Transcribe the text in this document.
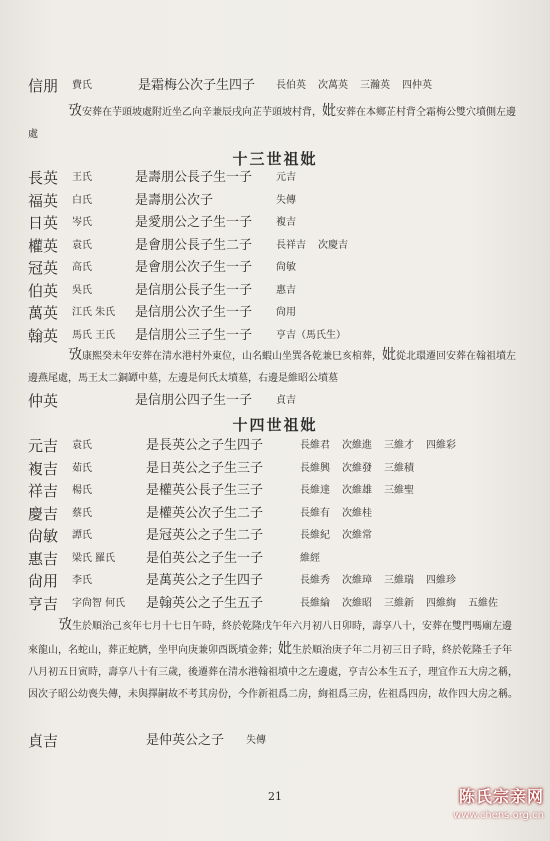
信朋 費氏	是霜梅公次子生四子 長伯英 次萬英 三瀚英 四仲英
攷安葬在芋頭坡處附近坐乙向辛兼辰戌向芷芋頭坡村背，妣安葬在本鄉芷村背仝霜梅公雙穴墳側左邊處
十三世祖妣
長英 王氏	是壽朋公長子生一子 元吉
福英 白氏	是壽朋公次子	失傳
日英 岑氏	是愛朋公之子生一子 複吉
權英 袁氏	是會朋公長子生二子 長祥吉 次慶吉
冠英 高氏	是會朋公次子生一子 尙敏
伯英 吳氏	是信朋公長子生一子 惠吉
萬英 江氏 朱氏 是信朋公次子生一子 尙用
翰英 馬氏 王氏 是信朋公三子生一子 亨吉（馬氏生）
攷康熙癸未年安葬在清水港村外東位，山名蝦山坐巽各乾兼巳亥棺葬，妣從北環遷回安葬在翰祖墳左邊燕尾處，馬王太二銅罈中墓，左邊是何氏太墳墓，右邊是維昭公墳墓
仲英	是信朋公四子生一子 貞吉
十四世祖妣
元吉 袁氏	是長英公之子生四子	長維君 次維進 三維才 四維彩
複吉 茹氏	是日英公之子生三子	長維興 次維發 三維積
祥吉 楊氏	是權英公長子生三子	長維達 次維雄 三維聖
慶吉 蔡氏	是權英公次子生二子	長維有 次維桂
尙敏 譚氏	是冠英公之子生二子	長維紀 次維常
惠吉 梁氏 羅氏 是伯英公之子生一子	維經
尙用 李氏	是萬英公之子生四子	長維秀 次維璋 三維瑞 四維珍
亨吉 字尙智 何氏 是翰英公之子生五子	長維綸 次維昭 三維新 四維絢 五維佐
攷生於順治己亥年七月十七日午時，終於乾隆戊午年六月初八日卯時，壽享八十，安葬在雙門嗎廟左邊來龍山，名蛇山，葬正蛇臍，坐甲向庚兼卯酉既墳金葬；妣生於順治庚子年二月初三日子時，終於乾隆壬子年八月初五日寅時，壽享八十有三歲，後遷葬在清水港翰祖墳中之左邊處，亨吉公本生五子，理宜作五大房之稱，因次子昭公幼喪失傳，未與擇嗣故不考其房份，今作新祖爲二房，絢祖爲三房，佐祖爲四房，故作四大房之稱。
貞吉	是仲英公之子 失傳
21	陈氏宗亲网
www.chens.org.cn
